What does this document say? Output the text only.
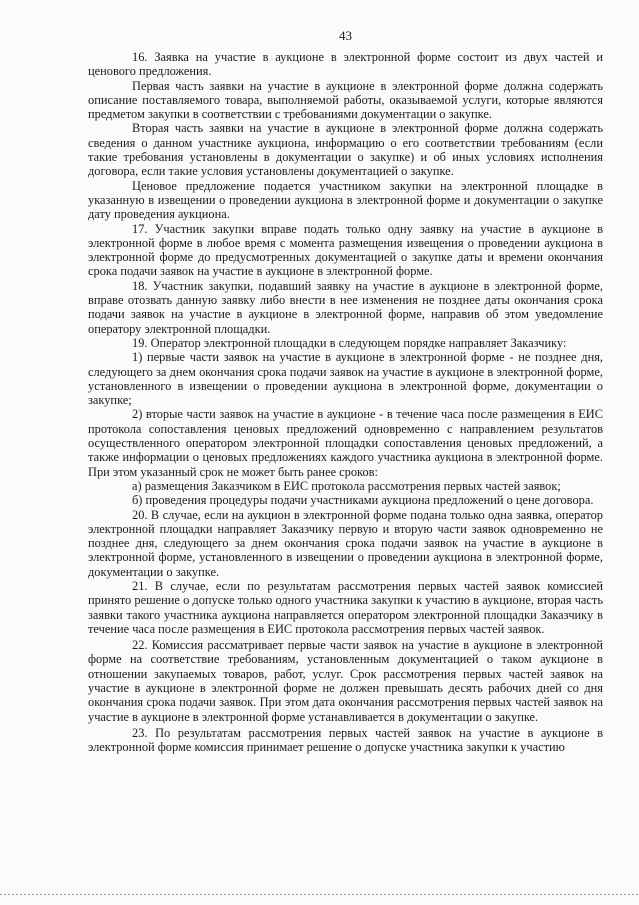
43

16. Заявка на участие в аукционе в электронной форме состоит из двух частей и ценового предложения.

Первая часть заявки на участие в аукционе в электронной форме должна содержать описание поставляемого товара, выполняемой работы, оказываемой услуги, которые являются предметом закупки в соответствии с требованиями документации о закупке.

Вторая часть заявки на участие в аукционе в электронной форме должна содержать сведения о данном участнике аукциона, информацию о его соответствии требованиям (если такие требования установлены в документации о закупке) и об иных условиях исполнения договора, если такие условия установлены документацией о закупке.

Ценовое предложение подается участником закупки на электронной площадке в указанную в извещении о проведении аукциона в электронной форме и документации о закупке дату проведения аукциона.

17. Участник закупки вправе подать только одну заявку на участие в аукционе в электронной форме в любое время с момента размещения извещения о проведении аукциона в электронной форме до предусмотренных документацией о закупке даты и времени окончания срока подачи заявок на участие в аукционе в электронной форме.

18. Участник закупки, подавший заявку на участие в аукционе в электронной форме, вправе отозвать данную заявку либо внести в нее изменения не позднее даты окончания срока подачи заявок на участие в аукционе в электронной форме, направив об этом уведомление оператору электронной площадки.

19. Оператор электронной площадки в следующем порядке направляет Заказчику:

1) первые части заявок на участие в аукционе в электронной форме - не позднее дня, следующего за днем окончания срока подачи заявок на участие в аукционе в электронной форме, установленного в извещении о проведении аукциона в электронной форме, документации о закупке;

2) вторые части заявок на участие в аукционе - в течение часа после размещения в ЕИС протокола сопоставления ценовых предложений одновременно с направлением результатов осуществленного оператором электронной площадки сопоставления ценовых предложений, а также информации о ценовых предложениях каждого участника аукциона в электронной форме. При этом указанный срок не может быть ранее сроков:

а) размещения Заказчиком в ЕИС протокола рассмотрения первых частей заявок;

б) проведения процедуры подачи участниками аукциона предложений о цене договора.

20. В случае, если на аукцион в электронной форме подана только одна заявка, оператор электронной площадки направляет Заказчику первую и вторую части заявок одновременно не позднее дня, следующего за днем окончания срока подачи заявок на участие в аукционе в электронной форме, установленного в извещении о проведении аукциона в электронной форме, документации о закупке.

21. В случае, если по результатам рассмотрения первых частей заявок комиссией принято решение о допуске только одного участника закупки к участию в аукционе, вторая часть заявки такого участника аукциона направляется оператором электронной площадки Заказчику в течение часа после размещения в ЕИС протокола рассмотрения первых частей заявок.

22. Комиссия рассматривает первые части заявок на участие в аукционе в электронной форме на соответствие требованиям, установленным документацией о таком аукционе в отношении закупаемых товаров, работ, услуг. Срок рассмотрения первых частей заявок на участие в аукционе в электронной форме не должен превышать десять рабочих дней со дня окончания срока подачи заявок. При этом дата окончания рассмотрения первых частей заявок на участие в аукционе в электронной форме устанавливается в документации о закупке.

23. По результатам рассмотрения первых частей заявок на участие в аукционе в электронной форме комиссия принимает решение о допуске участника закупки к участию
